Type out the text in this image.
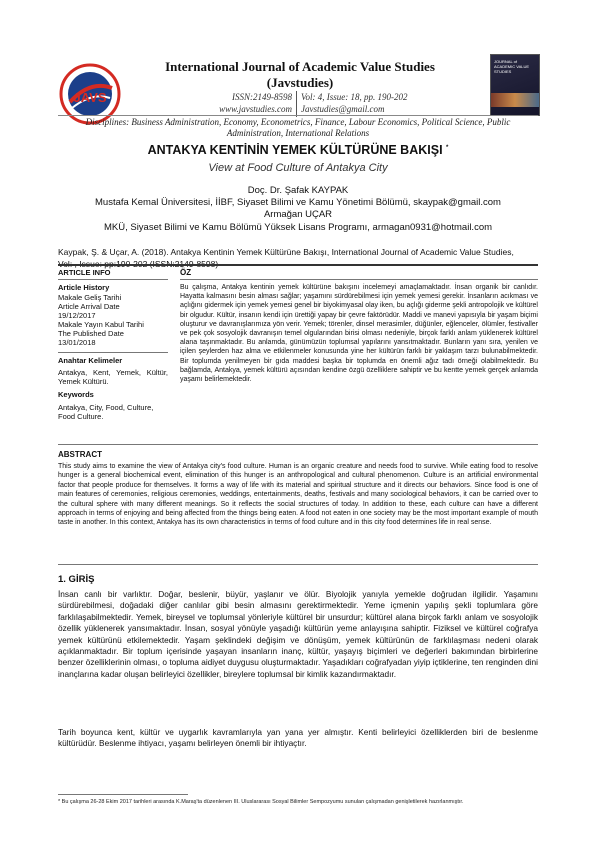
JAVS
International Journal of Academic Value Studies
(Javstudies)
ISSN:2149-8598 Vol: 4, Issue: 18, pp. 190-202
www.javstudies.com Javstudies@gmail.com
JOURNAL of ACADEMIC VALUE STUDIES
Disciplines: Business Administration, Economy, Econometrics, Finance, Labour Economics, Political Science, Public Administration, International Relations
ANTAKYA KENTİNİN YEMEK KÜLTÜRÜNE BAKIŞI *
View at Food Culture of Antakya City
Doç. Dr. Şafak KAYPAK
Mustafa Kemal Üniversitesi, İİBF, Siyaset Bilimi ve Kamu Yönetimi Bölümü, skaypak@gmail.com
Armağan UÇAR
MKÜ, Siyaset Bilimi ve Kamu Bölümü Yüksek Lisans Programı, armagan0931@hotmail.com
Kaypak, Ş. & Uçar, A. (2018). Antakya Kentinin Yemek Kültürüne Bakışı, International Journal of Academic Value Studies,
ARTICLE INFO
Article History
Makale Geliş Tarihi
Article Arrival Date
19/12/2017
Makale Yayın Kabul Tarihi
The Published Date
13/01/2018
Anahtar Kelimeler
Antakya, Kent, Yemek, Kültür, Yemek Kültürü.
Keywords
Antakya, City, Food, Culture, Food Culture.
ÖZ
Bu çalışma, Antakya kentinin yemek kültürüne bakışını incelemeyi amaçlamaktadır. İnsan organik bir canlıdır. Hayatta kalmasını besin alması sağlar; yaşamını sürdürebilmesi için yemek yemesi gerekir. İnsanların acıkması ve açlığını gidermek için yemek yemesi genel bir biyokimyasal olay iken, bu açlığı giderme şekli antropolojik ve kültürel bir olgudur. Kültür, insanın kendi için ürettiği yapay bir çevre faktörüdür. Maddi ve manevi yapısıyla bir yaşam biçimi oluşturur ve davranışlarımıza yön verir. Yemek; törenler, dinsel merasimler, düğünler, eğlenceler, ölümler, festivaller ve pek çok sosyolojik davranışın temel olgularından birisi olması nedeniyle, birçok farklı anlam yüklenerek kültürel alana taşınmaktadır. Bu anlamda, günümüzün toplumsal yapılarını yansıtmaktadır. Bunların yanı sıra, yenilen ve içilen şeylerden haz alma ve etkilenmeler konusunda yine her kültürün farklı bir yaklaşım tarzı bulunabilmektedir. Bir toplumda yenilmeyen bir gıda maddesi başka bir toplumda en önemli ağız tadı örneği olabilmektedir. Bu bağlamda, Antakya, yemek kültürü açısından kendine özgü özelliklere sahiptir ve bu kentte yemek gerçek anlamda yaşamı belirlemektedir.
ABSTRACT
This study aims to examine the view of Antakya city's food culture. Human is an organic creature and needs food to survive. While eating food to resolve hunger is a general biochemical event, elimination of this hunger is an anthropological and cultural phenomenon. Culture is an artificial environmental factor that people produce for themselves. It forms a way of life with its material and spiritual structure and it directs our behaviors. Since food is one of main features of ceremonies, religious ceremonies, weddings, entertainments, deaths, festivals and many sociological behaviors, it can be carried over to the cultural sphere with many different meanings. So it reflects the social structures of today. In addition to these, each culture can have a different approach in terms of enjoying and being affected from the things being eaten. A food not eaten in one society may be the most important example of mouth taste in another. In this context, Antakya has its own characteristics in terms of food culture and in this city food determines life in real sense.
1. GİRİŞ
İnsan canlı bir varlıktır. Doğar, beslenir, büyür, yaşlanır ve ölür. Biyolojik yanıyla yemekle doğrudan ilgilidir. Yaşamını sürdürebilmesi, doğadaki diğer canlılar gibi besin almasını gerektirmektedir. Yeme içmenin yapılış şekli toplumlara göre farklılaşabilmektedir. Yemek, bireysel ve toplumsal yönleriyle kültürel bir unsurdur; kültürel alana birçok farklı anlam ve sosyolojik özellik yüklenerek yansımaktadır. İnsan, sosyal yönüyle yaşadığı kültürün yeme anlayışına sahiptir. Fiziksel ve kültürel coğrafya yemek kültürünü etkilemektedir. Yaşam şeklindeki değişim ve dönüşüm, yemek kültürünün de farklılaşması nedeni olarak açıklanmaktadır. Bir toplum içerisinde yaşayan insanların inanç, kültür, yaşayış biçimleri ve değerleri bakımından birbirlerine benzer özelliklerinin olması, o topluma aidiyet duygusu oluşturmaktadır. Yaşadıkları coğrafyadan yiyip içtiklerine, ten renginden dini inançlarına kadar oluşan belirleyici özellikler, bireylere toplumsal bir kimlik kazandırmaktadır.
Tarih boyunca kent, kültür ve uygarlık kavramlarıyla yan yana yer almıştır. Kenti belirleyici özelliklerden biri de beslenme kültürüdür. Beslenme ihtiyacı, yaşamı belirleyen önemli bir ihtiyaçtır.
* Bu çalışma 26-28 Ekim 2017 tarihleri arasında K.Maraş'ta düzenlenen III. Uluslararası Sosyal Bilimler Sempozyumu sunulan çalışmadan genişletilerek hazırlanmıştır.
